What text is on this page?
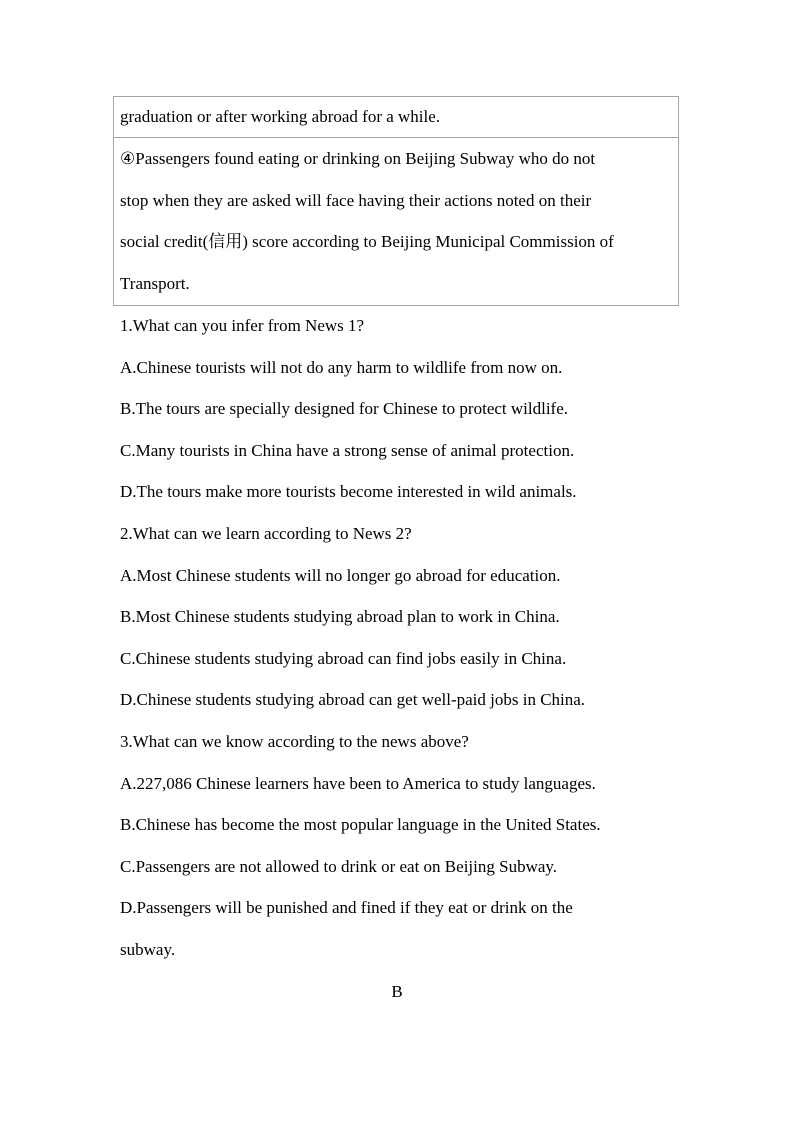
graduation or after working abroad for a while.
④Passengers found eating or drinking on Beijing Subway who do not
stop when they are asked will face having their actions noted on their
social credit(信用) score according to Beijing Municipal Commission of
Transport.
1.What can you infer from News 1?
A.Chinese tourists will not do any harm to wildlife from now on.
B.The tours are specially designed for Chinese to protect wildlife.
C.Many tourists in China have a strong sense of animal protection.
D.The tours make more tourists become interested in wild animals.
2.What can we learn according to News 2?
A.Most Chinese students will no longer go abroad for education.
B.Most Chinese students studying abroad plan to work in China.
C.Chinese students studying abroad can find jobs easily in China.
D.Chinese students studying abroad can get well-paid jobs in China.
3.What can we know according to the news above?
A.227,086 Chinese learners have been to America to study languages.
B.Chinese has become the most popular language in the United States.
C.Passengers are not allowed to drink or eat on Beijing Subway.
D.Passengers will be punished and fined if they eat or drink on the
subway.
B
